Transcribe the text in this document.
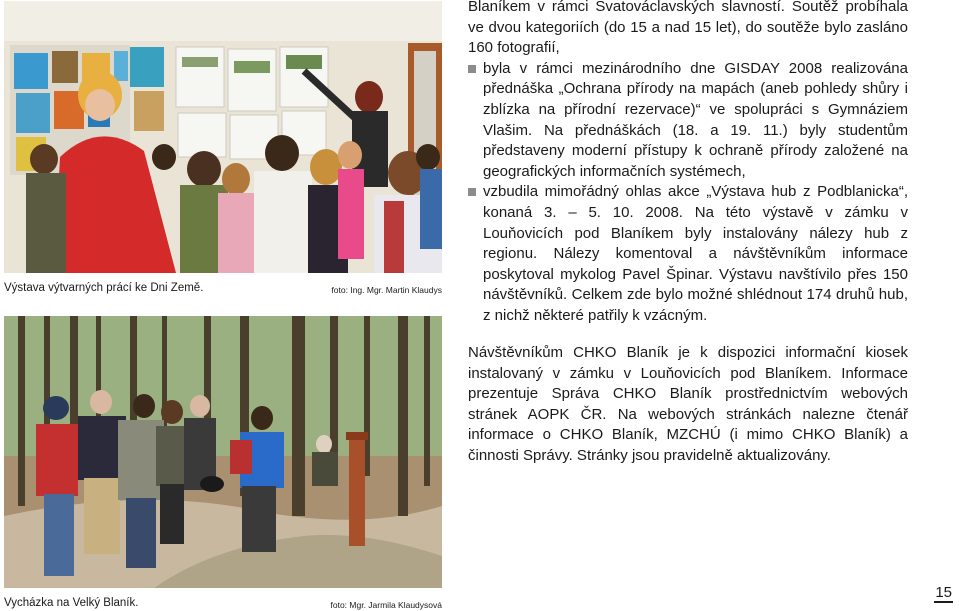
Výstava výtvarných prácí ke Dni Země.	foto: Ing. Mgr. Martin Klaudys
Vycházka na Velký Blaník.	foto: Mgr. Jarmila Klaudysová

Blaníkem v rámci Svatováclavských slavností. Soutěž probíhala ve dvou kategoriích (do 15 a nad 15 let), do soutěže bylo zasláno 160 fotografií,

byla v rámci mezinárodního dne GISDAY 2008 realizována přednáška „Ochrana přírody na mapách (aneb pohledy shůry i zblízka na přírodní rezervace)“ ve spolupráci s Gymnáziem Vlašim. Na přednáškách (18. a 19. 11.) byly studentům představeny moderní přístupy k ochraně přírody založené na geografických informačních systémech,
vzbudila mimořádný ohlas akce „Výstava hub z Podblanicka“, konaná 3. – 5. 10. 2008. Na této výstavě v zámku v Louňovicích pod Blaníkem byly instalovány nálezy hub z regionu. Nálezy komentoval a návštěvníkům informace poskytoval mykolog Pavel Špinar. Výstavu navštívilo přes 150 návštěvníků. Celkem zde bylo možné shlédnout 174 druhů hub, z nichž některé patřily k vzácným.

Návštěvníkům CHKO Blaník je k dispozici informační kiosek instalovaný v zámku v Louňovicích pod Blaníkem. Informace prezentuje Správa CHKO Blaník prostřednictvím webových stránek AOPK ČR. Na webových stránkách nalezne čtenář informace o CHKO Blaník, MZCHÚ (i mimo CHKO Blaník) a činnosti Správy. Stránky jsou pravidelně aktualizovány.

15
